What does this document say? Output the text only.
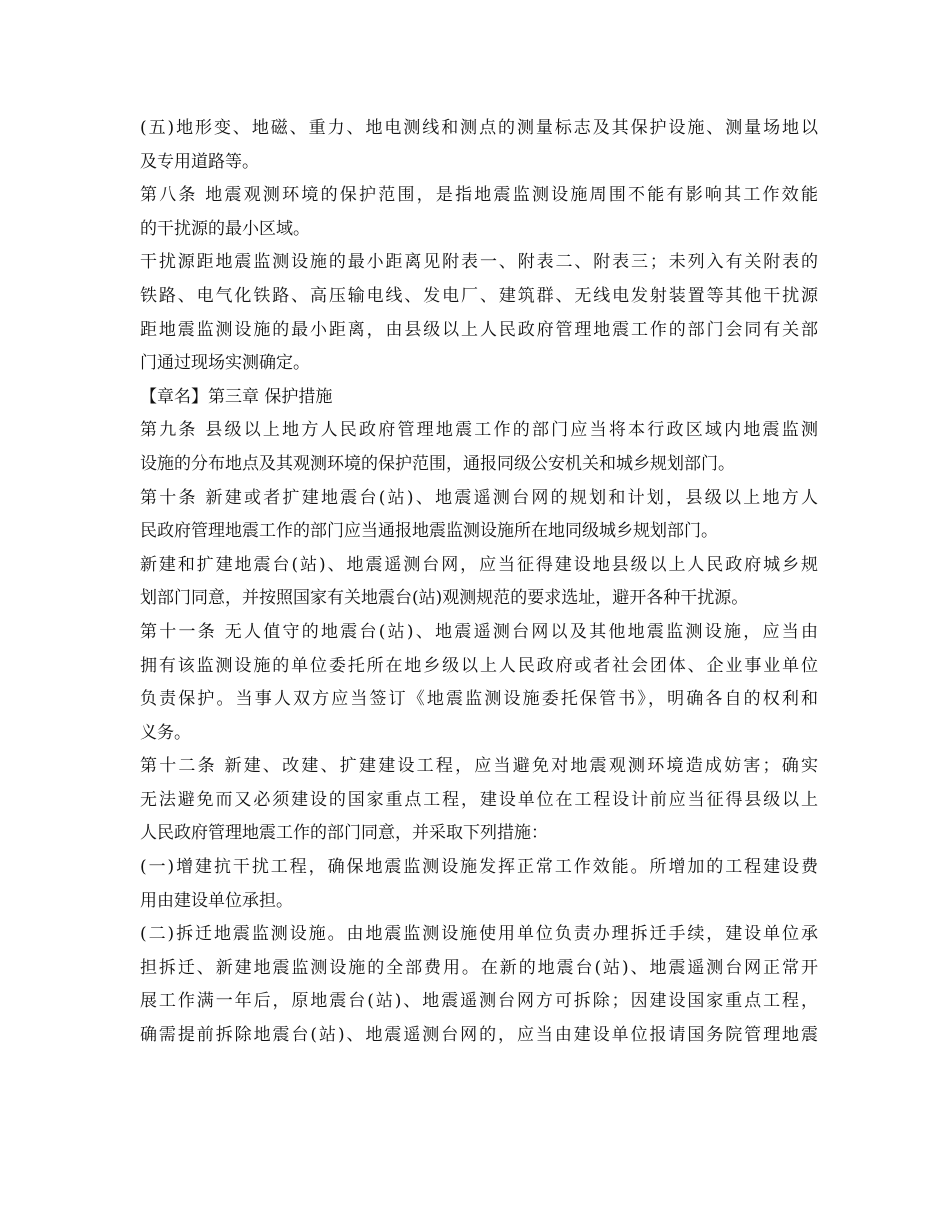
(五)地形变、地磁、重力、地电测线和测点的测量标志及其保护设施、测量场地以
及专用道路等。
第八条 地震观测环境的保护范围，是指地震监测设施周围不能有影响其工作效能
的干扰源的最小区域。
干扰源距地震监测设施的最小距离见附表一、附表二、附表三；未列入有关附表的
铁路、电气化铁路、高压输电线、发电厂、建筑群、无线电发射装置等其他干扰源
距地震监测设施的最小距离，由县级以上人民政府管理地震工作的部门会同有关部
门通过现场实测确定。
【章名】第三章 保护措施
第九条 县级以上地方人民政府管理地震工作的部门应当将本行政区域内地震监测
设施的分布地点及其观测环境的保护范围，通报同级公安机关和城乡规划部门。
第十条 新建或者扩建地震台(站)、地震遥测台网的规划和计划，县级以上地方人
民政府管理地震工作的部门应当通报地震监测设施所在地同级城乡规划部门。
新建和扩建地震台(站)、地震遥测台网，应当征得建设地县级以上人民政府城乡规
划部门同意，并按照国家有关地震台(站)观测规范的要求选址，避开各种干扰源。
第十一条 无人值守的地震台(站)、地震遥测台网以及其他地震监测设施，应当由
拥有该监测设施的单位委托所在地乡级以上人民政府或者社会团体、企业事业单位
负责保护。当事人双方应当签订《地震监测设施委托保管书》，明确各自的权利和
义务。
第十二条 新建、改建、扩建建设工程，应当避免对地震观测环境造成妨害；确实
无法避免而又必须建设的国家重点工程，建设单位在工程设计前应当征得县级以上
人民政府管理地震工作的部门同意，并采取下列措施：
(一)增建抗干扰工程，确保地震监测设施发挥正常工作效能。所增加的工程建设费
用由建设单位承担。
(二)拆迁地震监测设施。由地震监测设施使用单位负责办理拆迁手续，建设单位承
担拆迁、新建地震监测设施的全部费用。在新的地震台(站)、地震遥测台网正常开
展工作满一年后，原地震台(站)、地震遥测台网方可拆除；因建设国家重点工程，
确需提前拆除地震台(站)、地震遥测台网的，应当由建设单位报请国务院管理地震
